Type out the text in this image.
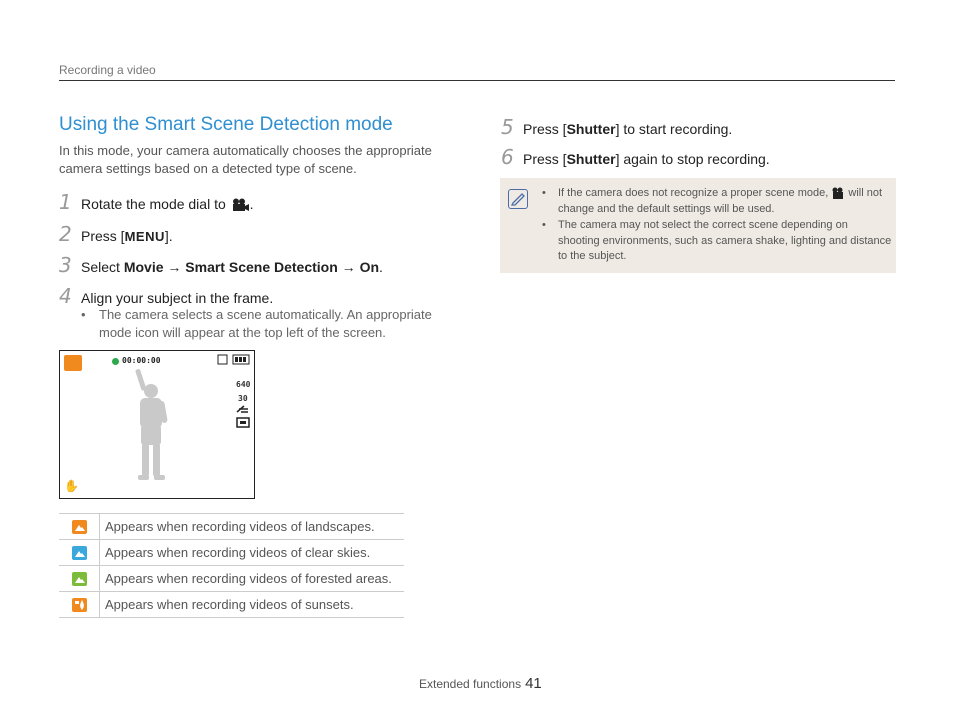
Recording a video
Using the Smart Scene Detection mode
In this mode, your camera automatically chooses the appropriate camera settings based on a detected type of scene.
1 Rotate the mode dial to .
2 Press [MENU].
3 Select Movie → Smart Scene Detection → On.
4 Align your subject in the frame.
•	The camera selects a scene automatically. An appropriate mode icon will appear at the top left of the screen.
00:00:00
640
30
✋
	Appears when recording videos of landscapes.
	Appears when recording videos of clear skies.
	Appears when recording videos of forested areas.
	Appears when recording videos of sunsets.
5 Press [Shutter] to start recording.
6 Press [Shutter] again to stop recording.
•	If the camera does not recognize a proper scene mode, will not change and the default settings will be used.
•	The camera may not select the correct scene depending on shooting environments, such as camera shake, lighting and distance to the subject.
Extended functions 41
